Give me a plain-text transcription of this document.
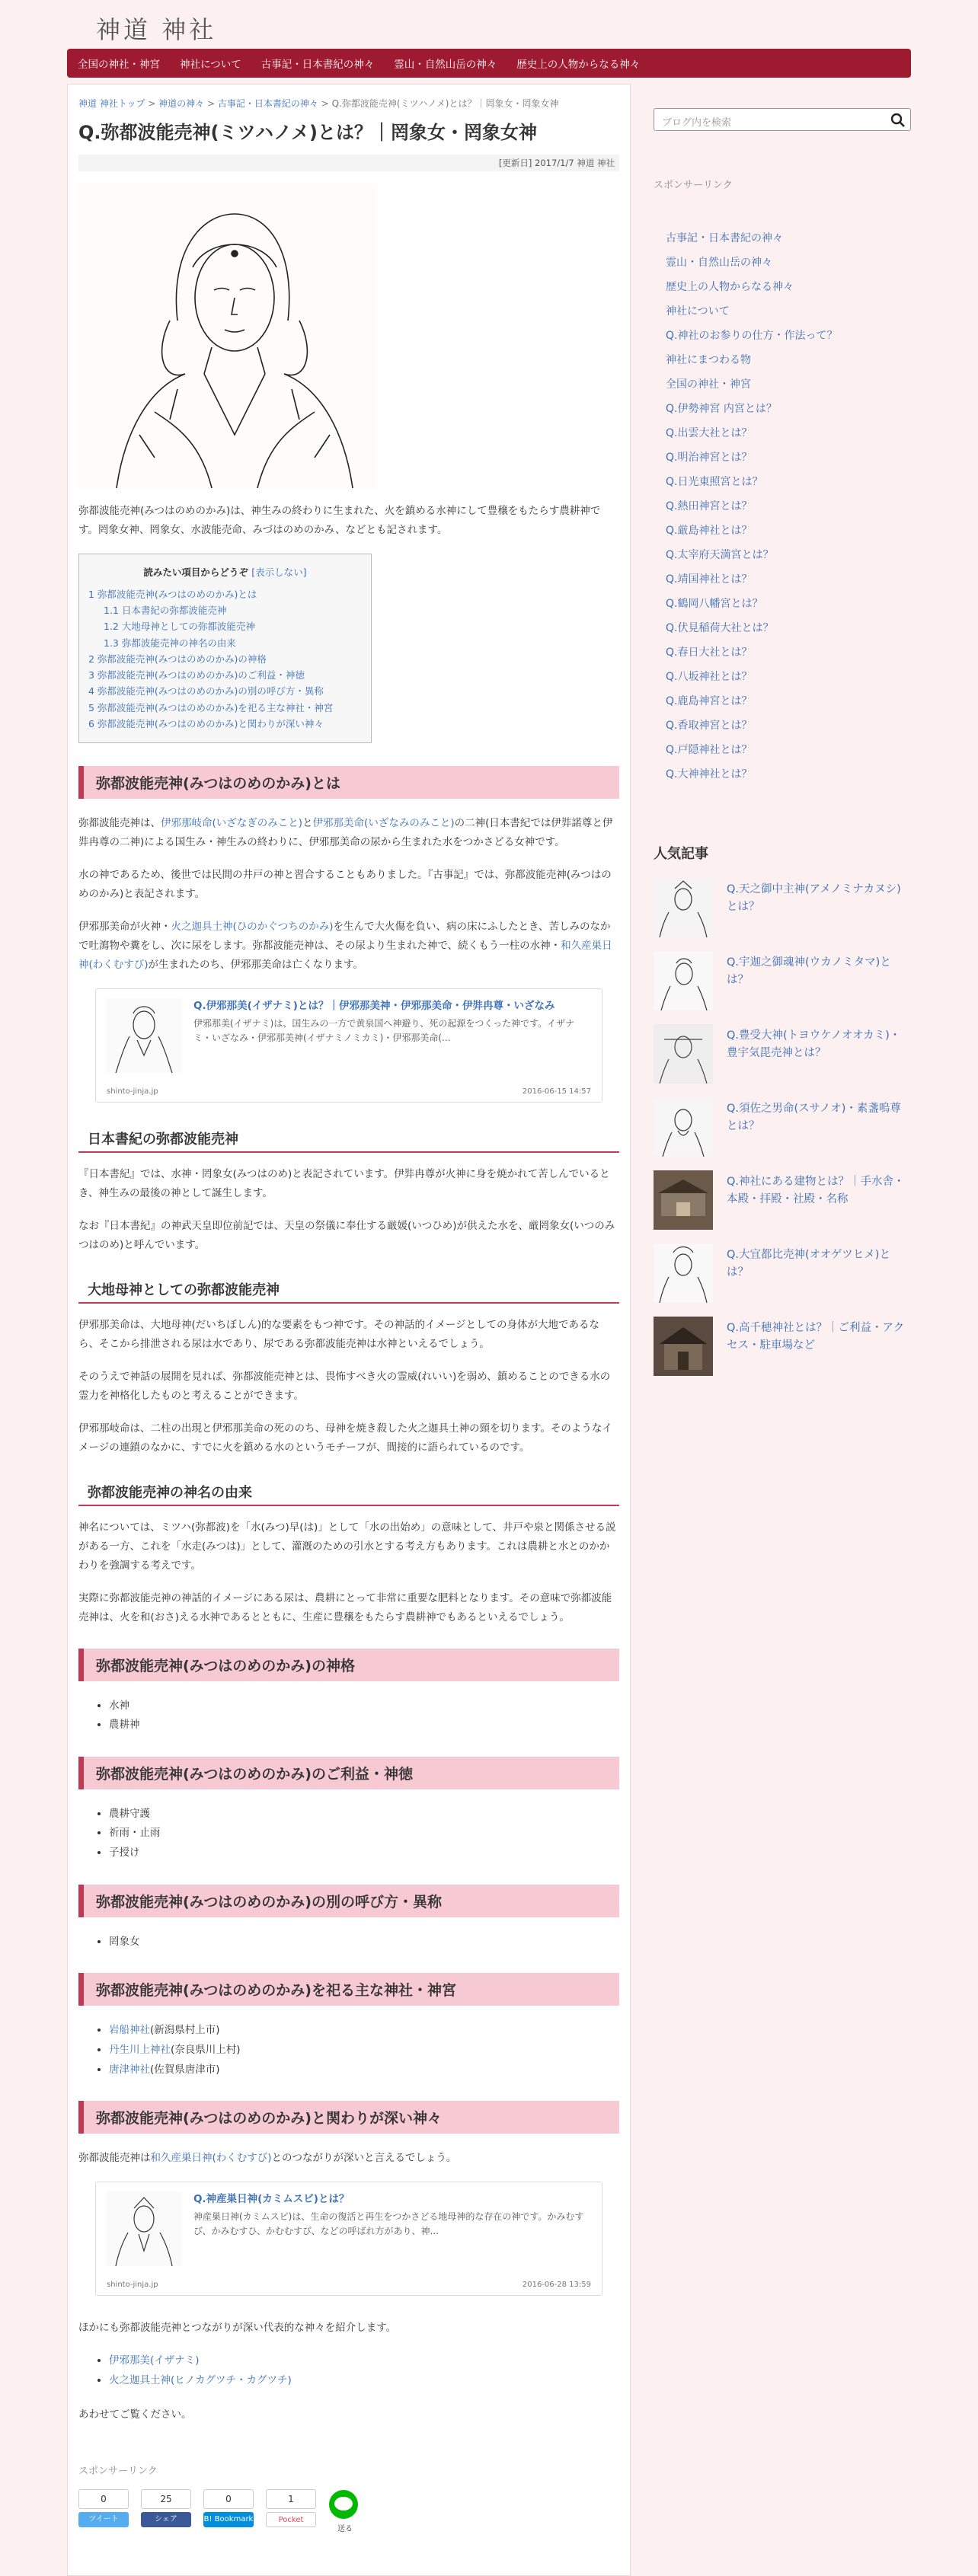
神道 神社
全国の神社・神宮 神社について 古事記・日本書紀の神々 霊山・自然山岳の神々 歴史上の人物からなる神々
神道 神社トップ > 神道の神々 > 古事記・日本書紀の神々 > Q.弥都波能売神(ミツハノメ)とは？｜罔象女・罔象女神
Q.弥都波能売神(ミツハノメ)とは？｜罔象女・罔象女神
[更新日] 2017/1/7 神道 神社

弥都波能売神(みつはのめのかみ)は、神生みの終わりに生まれた、火を鎮める水神にして豊穣をもたらす農耕神です。罔象女神、罔象女、水波能売命、みづはのめのかみ、などとも記されます。

読みたい項目からどうぞ [表示しない]
1 弥都波能売神(みつはのめのかみ)とは
1.1 日本書紀の弥都波能売神
1.2 大地母神としての弥都波能売神
1.3 弥都波能売神の神名の由来
2 弥都波能売神(みつはのめのかみ)の神格
3 弥都波能売神(みつはのめのかみ)のご利益・神徳
4 弥都波能売神(みつはのめのかみ)の別の呼び方・異称
5 弥都波能売神(みつはのめのかみ)を祀る主な神社・神宮
6 弥都波能売神(みつはのめのかみ)と関わりが深い神々
弥都波能売神(みつはのめのかみ)とは

弥都波能売神は、伊邪那岐命(いざなぎのみこと)と伊邪那美命(いざなみのみこと)の二神(日本書紀では伊弉諾尊と伊弉冉尊の二神)による国生み・神生みの終わりに、伊邪那美命の尿から生まれた水をつかさどる女神です。

水の神であるため、後世では民間の井戸の神と習合することもありました。『古事記』では、弥都波能売神(みつはのめのかみ)と表記されます。

伊邪那美命が火神・火之迦具土神(ひのかぐつちのかみ)を生んで大火傷を負い、病の床にふしたとき、苦しみのなかで吐瀉物や糞をし、次に尿をします。弥都波能売神は、その尿より生まれた神で、続くもう一柱の水神・和久産巣日神(わくむすび)が生まれたのち、伊邪那美命は亡くなります。

Q.伊邪那美(イザナミ)とは？｜伊邪那美神・伊邪那美命・伊弉冉尊・いざなみ
伊邪那美(イザナミ)は、国生みの一方で黄泉国へ神避り、死の起源をつくった神です。イザナミ・いざなみ・伊邪那美神(イザナミノミカミ)・伊邪那美命(...
shinto-jinja.jp	2016-06-15 14:57
日本書紀の弥都波能売神

『日本書紀』では、水神・罔象女(みつはのめ)と表記されています。伊弉冉尊が火神に身を焼かれて苦しんでいるとき、神生みの最後の神として誕生します。

なお『日本書紀』の神武天皇即位前記では、天皇の祭儀に奉仕する厳媛(いつひめ)が供えた水を、厳罔象女(いつのみつはのめ)と呼んでいます。

大地母神としての弥都波能売神

伊邪那美命は、大地母神(だいちぼしん)的な要素をもつ神です。その神話的イメージとしての身体が大地であるなら、そこから排泄される尿は水であり、尿である弥都波能売神は水神といえるでしょう。

そのうえで神話の展開を見れば、弥都波能売神とは、畏怖すべき火の霊威(れいい)を弱め、鎮めることのできる水の霊力を神格化したものと考えることができます。

伊邪那岐命は、二柱の出現と伊邪那美命の死ののち、母神を焼き殺した火之迦具土神の頸を切ります。そのようなイメージの連鎖のなかに、すでに火を鎮める水のというモチーフが、間接的に語られているのです。

弥都波能売神の神名の由来

神名については、ミツハ(弥都波)を「水(みつ)早(は)」として「水の出始め」の意味として、井戸や泉と関係させる説がある一方、これを「水走(みつは)」として、灌漑のための引水とする考え方もあります。これは農耕と水とのかかわりを強調する考えです。

実際に弥都波能売神の神話的イメージにある尿は、農耕にとって非常に重要な肥料となります。その意味で弥都波能売神は、火を和(おさ)える水神であるとともに、生産に豊穣をもたらす農耕神でもあるといえるでしょう。

弥都波能売神(みつはのめのかみ)の神格
• 水神
• 農耕神
弥都波能売神(みつはのめのかみ)のご利益・神徳
• 農耕守護
• 祈雨・止雨
• 子授け
弥都波能売神(みつはのめのかみ)の別の呼び方・異称
• 罔象女
弥都波能売神(みつはのめのかみ)を祀る主な神社・神宮
• 岩船神社(新潟県村上市)
• 丹生川上神社(奈良県川上村)
• 唐津神社(佐賀県唐津市)
弥都波能売神(みつはのめのかみ)と関わりが深い神々

弥都波能売神は和久産巣日神(わくむすび)とのつながりが深いと言えるでしょう。

Q.神産巣日神(カミムスビ)とは？
神産巣日神(カミムスビ)は、生命の復活と再生をつかさどる地母神的な存在の神です。かみむすび、かみむすひ、かむむすび、などの呼ばれ方があり、神...
shinto-jinja.jp	2016-06-28 13:59

ほかにも弥都波能売神とつながりが深い代表的な神々を紹介します。

• 伊邪那美(イザナミ)
• 火之迦具土神(ヒノカグツチ・カグツチ)

あわせてご覧ください。

スポンサーリンク
0
ツイート
25
シェア
0
B! Bookmark
1
Pocket
送る
ブログ内を検索
スポンサーリンク
古事記・日本書紀の神々
霊山・自然山岳の神々
歴史上の人物からなる神々
神社について
Q.神社のお参りの仕方・作法って？
神社にまつわる物
全国の神社・神宮
Q.伊勢神宮 内宮とは？
Q.出雲大社とは？
Q.明治神宮とは？
Q.日光東照宮とは？
Q.熱田神宮とは？
Q.厳島神社とは？
Q.太宰府天満宮とは？
Q.靖国神社とは？
Q.鶴岡八幡宮とは？
Q.伏見稲荷大社とは？
Q.春日大社とは？
Q.八坂神社とは？
Q.鹿島神宮とは？
Q.香取神宮とは？
Q.戸隠神社とは？
Q.大神神社とは？
人気記事
Q.天之御中主神(アメノミナカヌシ)とは？
Q.宇迦之御魂神(ウカノミタマ)とは？
Q.豊受大神(トヨウケノオオカミ)・豊宇気毘売神とは？
Q.須佐之男命(スサノオ)・素盞嗚尊とは？
Q.神社にある建物とは？｜手水舎・本殿・拝殿・社殿・名称
Q.大宜都比売神(オオゲツヒメ)とは？
Q.高千穂神社とは？｜ご利益・アクセス・駐車場など
